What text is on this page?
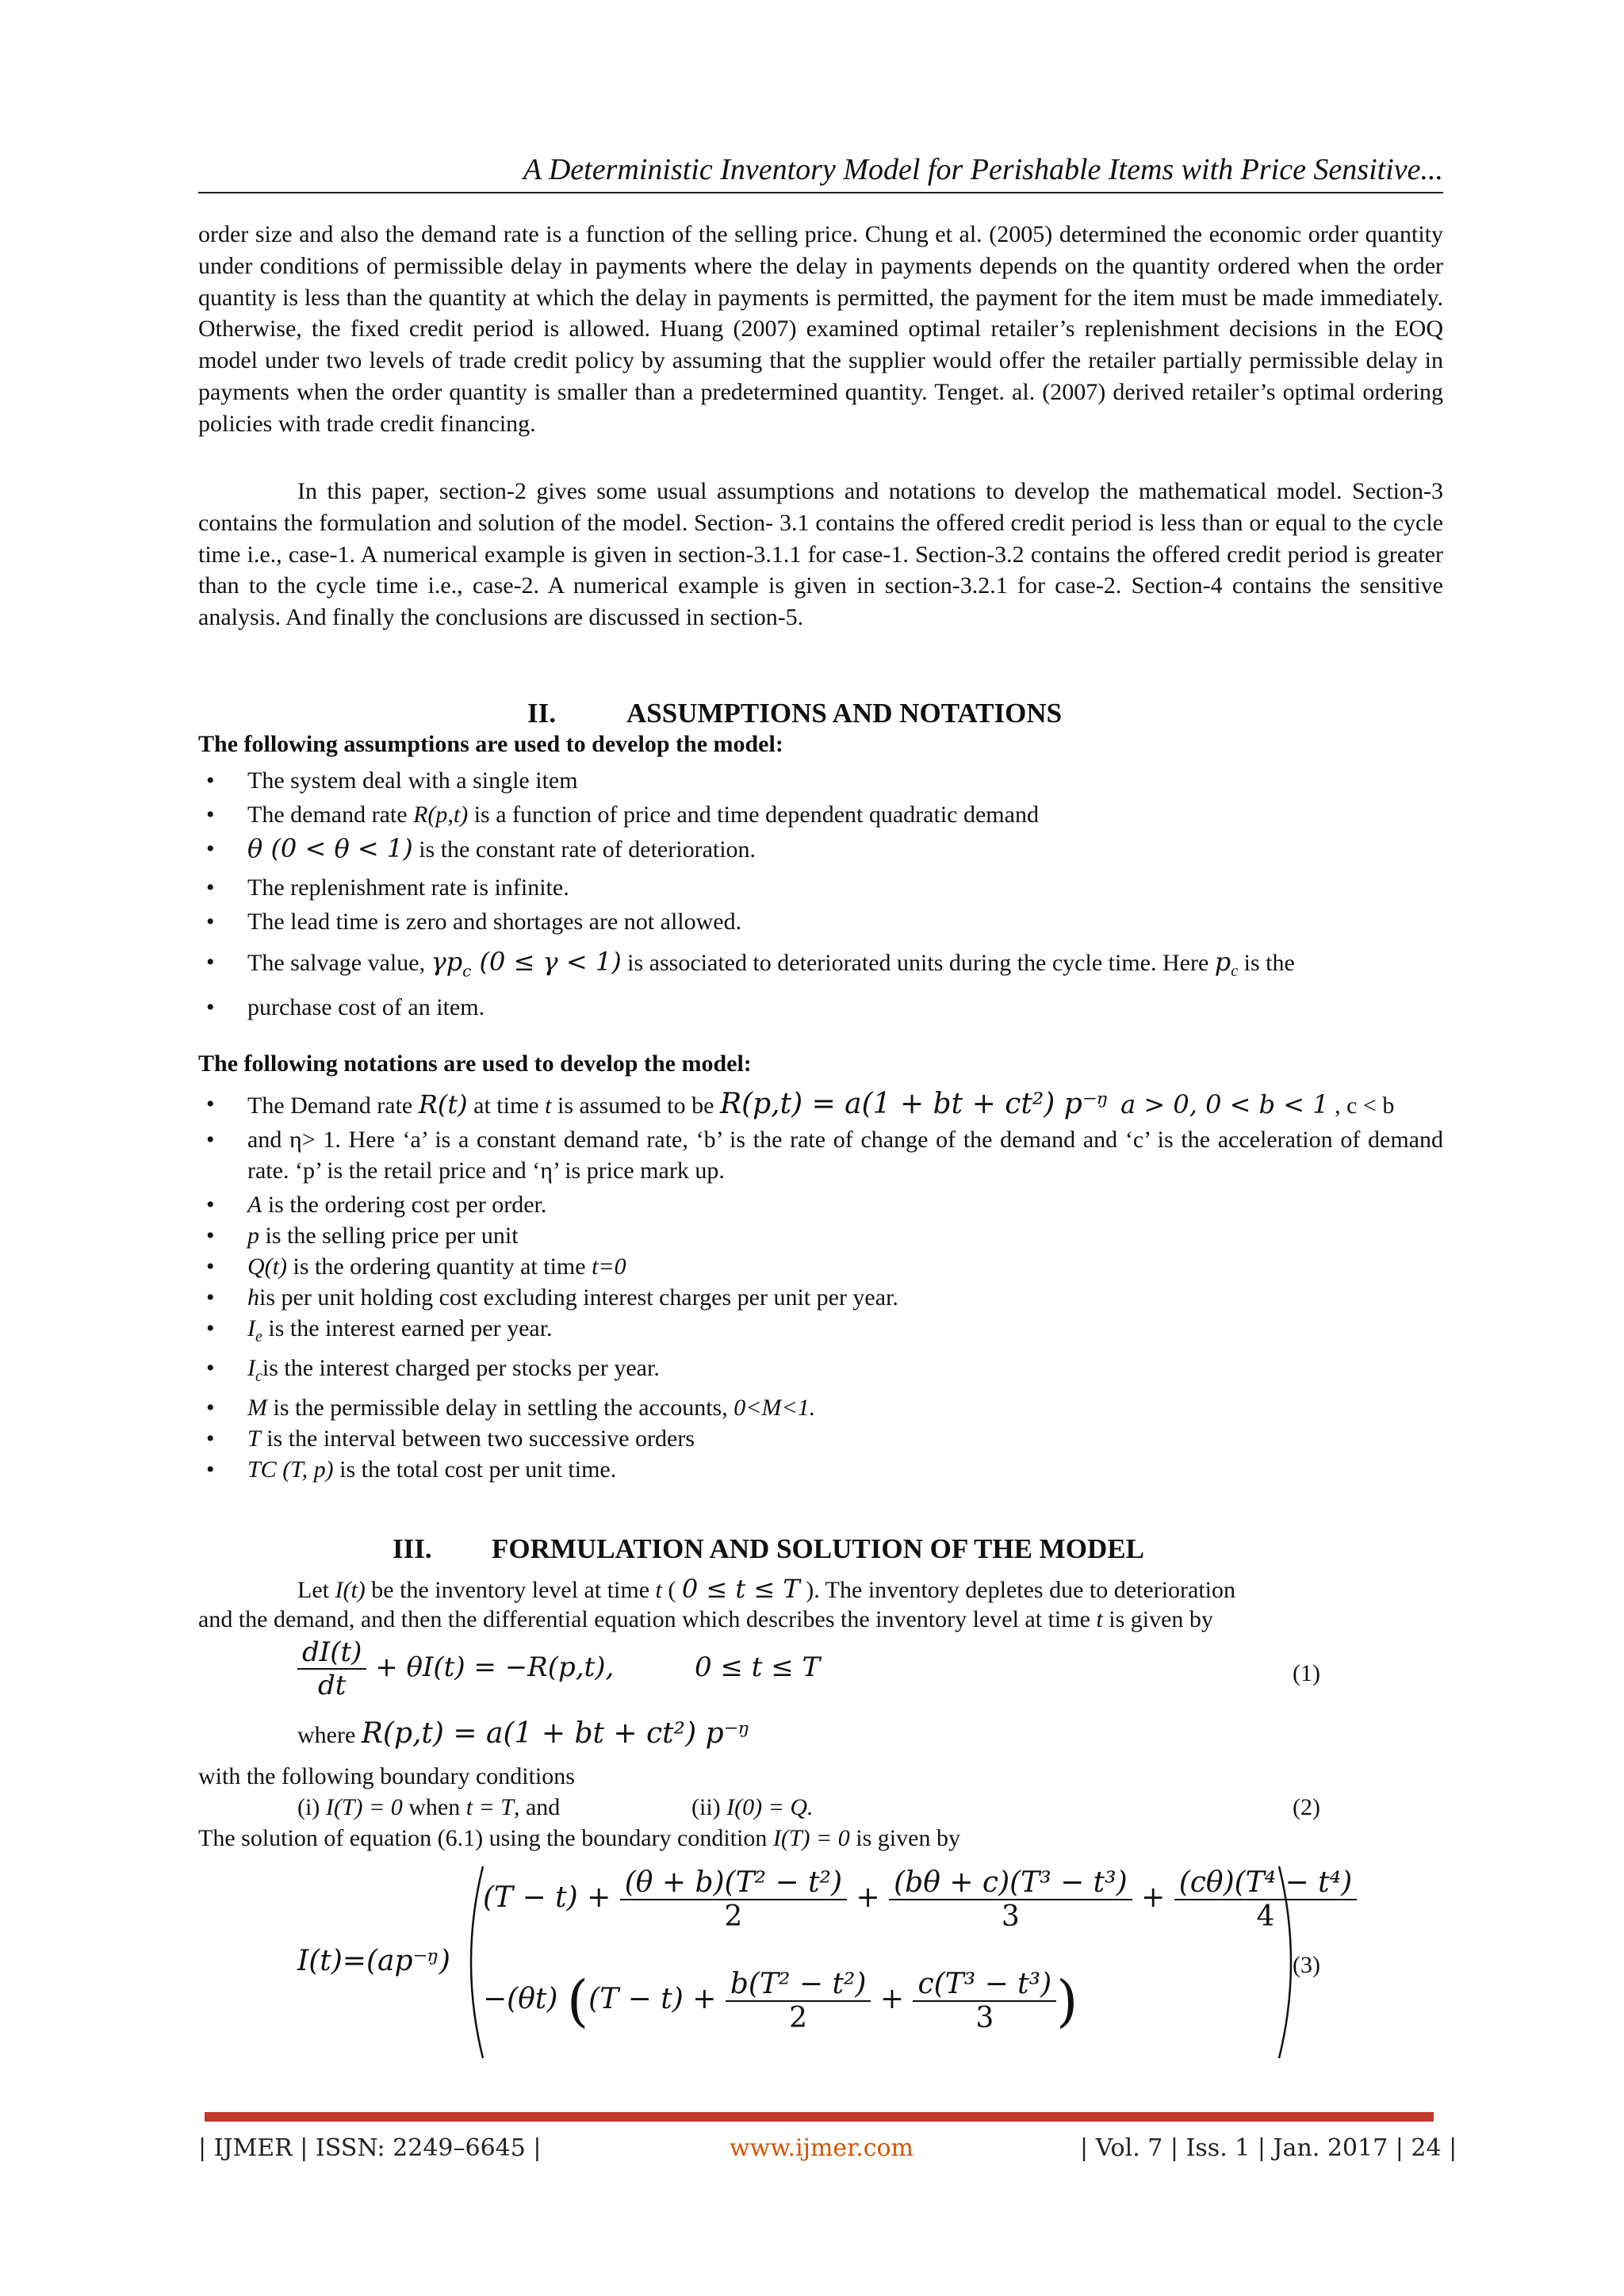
A Deterministic Inventory Model for Perishable Items with Price Sensitive...

order size and also the demand rate is a function of the selling price. Chung et al. (2005) determined the economic order quantity under conditions of permissible delay in payments where the delay in payments depends on the quantity ordered when the order quantity is less than the quantity at which the delay in payments is permitted, the payment for the item must be made immediately. Otherwise, the fixed credit period is allowed. Huang (2007) examined optimal retailer’s replenishment decisions in the EOQ model under two levels of trade credit policy by assuming that the supplier would offer the retailer partially permissible delay in payments when the order quantity is smaller than a predetermined quantity. Tenget. al. (2007) derived retailer’s optimal ordering policies with trade credit financing.

In this paper, section-2 gives some usual assumptions and notations to develop the mathematical model. Section-3 contains the formulation and solution of the model. Section- 3.1 contains the offered credit period is less than or equal to the cycle time i.e., case-1. A numerical example is given in section-3.1.1 for case-1. Section-3.2 contains the offered credit period is greater than to the cycle time i.e., case-2. A numerical example is given in section-3.2.1 for case-2. Section-4 contains the sensitive analysis. And finally the conclusions are discussed in section-5.

II.	ASSUMPTIONS AND NOTATIONS
The following assumptions are used to develop the model:
• The system deal with a single item
• The demand rate R(p,t) is a function of price and time dependent quadratic demand
• θ (0 < θ < 1) is the constant rate of deterioration.
• The replenishment rate is infinite.
• The lead time is zero and shortages are not allowed.
• The salvage value, $\gamma p_c$ (0 ≤ γ < 1) is associated to deteriorated units during the cycle time. Here $p_c$ is the
• purchase cost of an item.
The following notations are used to develop the model:
• The Demand rate R(t) at time t is assumed to be R(p,t) = a(1 + bt + ct²) p⁻ᵑ a > 0, 0 < b < 1 , c < b
• and η> 1. Here ‘a’ is a constant demand rate, ‘b’ is the rate of change of the demand and ‘c’ is the acceleration of demand rate. ‘p’ is the retail price and ‘η’ is price mark up.
• A is the ordering cost per order.
• p is the selling price per unit
• Q(t) is the ordering quantity at time t=0
• his per unit holding cost excluding interest charges per unit per year.
• $I_e$ is the interest earned per year.
• $I_cis$ the interest charged per stocks per year.
• M is the permissible delay in settling the accounts, 0<M<1.
• T is the interval between two successive orders
• TC (T, p) is the total cost per unit time.
III. FORMULATION AND SOLUTION OF THE MODEL
Let I(t) be the inventory level at time t ( 0 ≤ t ≤ T ). The inventory depletes due to deterioration
and the demand, and then the differential equation which describes the inventory level at time t is given by
$\frac{dI(t)}{dt} + \theta I(t) = -R(p,t)$,	0 ≤ t ≤ T	(1)
where R(p,t) = a(1 + bt + ct²) p⁻ᵑ
with the following boundary conditions
(i) I(T) = 0 when t = T, and	(ii) I(0) = Q.	(2)
The solution of equation (6.1) using the boundary condition I(T) = 0 is given by
I(t)=(ap⁻ᵑ)
$(T - t) + \frac{\text{(θ + b)(T² − t²)}}{2} + \frac{\text{(bθ + c)(T³ − t³)}}{3} + \frac{\text{(cθ)(T⁴ − t⁴)}}{4}$
−(θt) ($(T - t) + \frac{\text{b(T² − t²)}}{2} + \frac{\text{c(T³ − t³)}}{3}$ )
(3)
| IJMER | ISSN: 2249–6645 |	www.ijmer.com	| Vol. 7 | Iss. 1 | Jan. 2017 | 24 |
